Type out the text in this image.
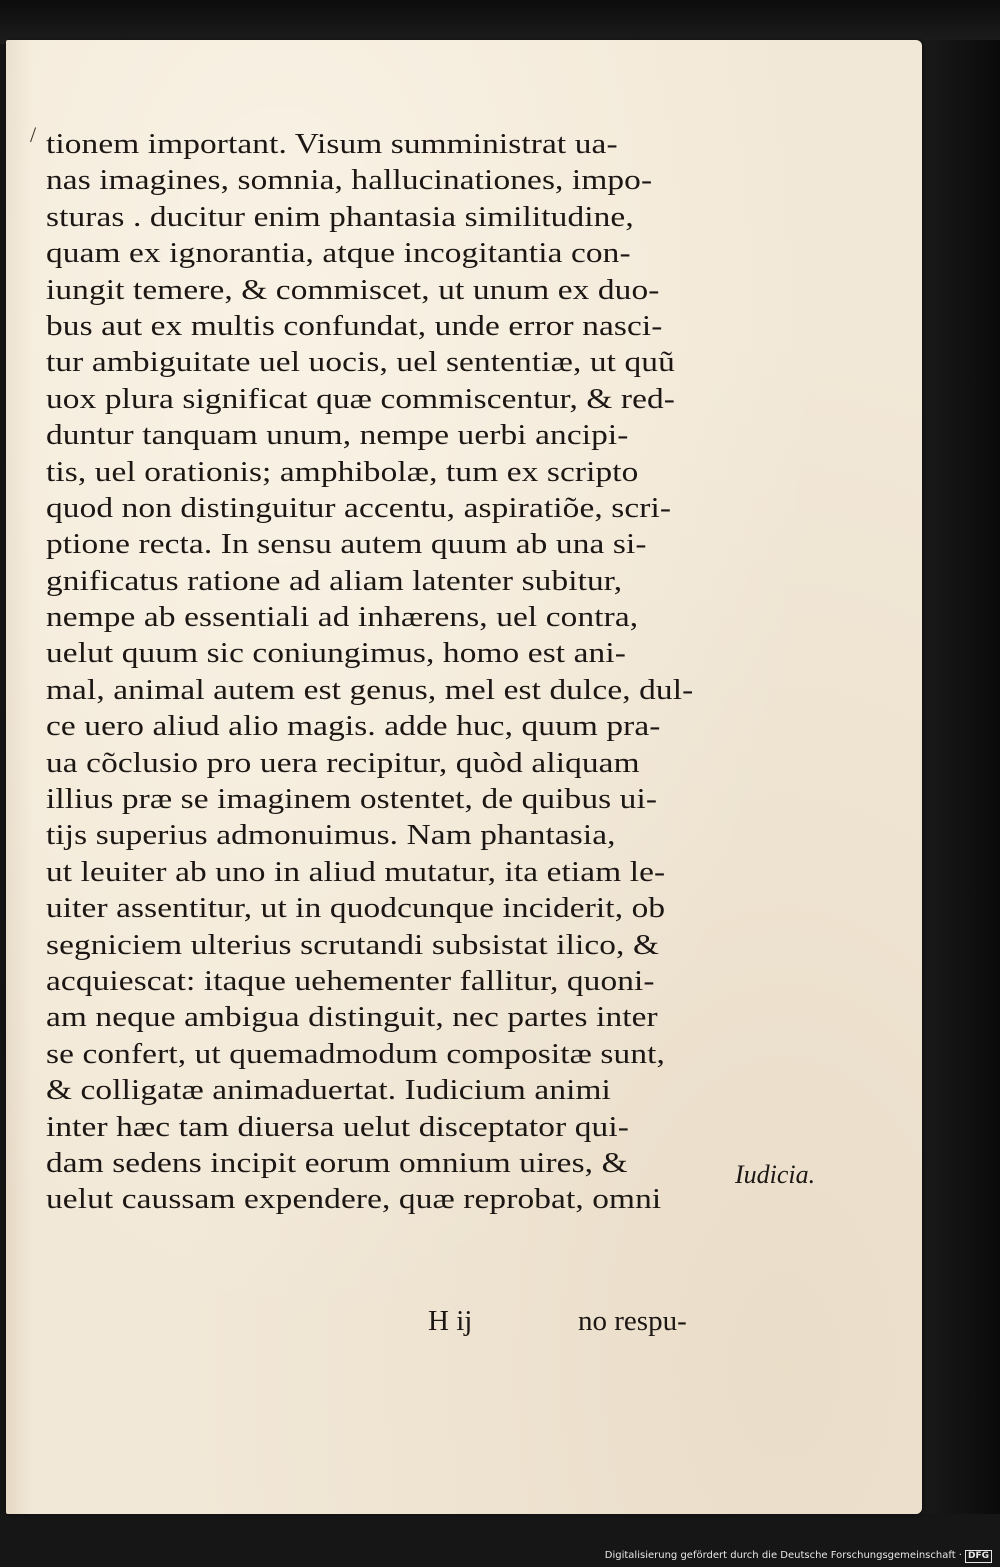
/ tionem important. Visum sumministrat ua-
nas imagines, somnia, hallucinationes, impo-
sturas . ducitur enim phantasia similitudine,
quam ex ignorantia, atque incogitantia con-
iungit temere, & commiscet, ut unum ex duo-
bus aut ex multis confundat, unde error nasci-
tur ambiguitate uel uocis, uel sententiæ, ut quũ
uox plura significat quæ commiscentur, & red-
duntur tanquam unum, nempe uerbi ancipi-
tis, uel orationis; amphibolæ, tum ex scripto
quod non distinguitur accentu, aspiratiõe, scri-
ptione recta. In sensu autem quum ab una si-
gnificatus ratione ad aliam latenter subitur,
nempe ab essentiali ad inhærens, uel contra,
uelut quum sic coniungimus, homo est ani-
mal, animal autem est genus, mel est dulce, dul-
ce uero aliud alio magis. adde huc, quum pra-
ua cõclusio pro uera recipitur, quòd aliquam
illius præ se imaginem ostentet, de quibus ui-
tijs superius admonuimus. Nam phantasia,
ut leuiter ab uno in aliud mutatur, ita etiam le-
uiter assentitur, ut in quodcunque inciderit, ob
segniciem ulterius scrutandi subsistat ilico, &
acquiescat: itaque uehementer fallitur, quoni-
am neque ambigua distinguit, nec partes inter
se confert, ut quemadmodum compositæ sunt,
& colligatæ animaduertat. Iudicium animi
inter hæc tam diuersa uelut disceptator qui-
dam sedens incipit eorum omnium uires, &
uelut caussam expendere, quæ reprobat, omni
Iudicia.
H ij	no respu-
Digitalisierung gefördert durch die Deutsche Forschungsgemeinschaft · DFG
